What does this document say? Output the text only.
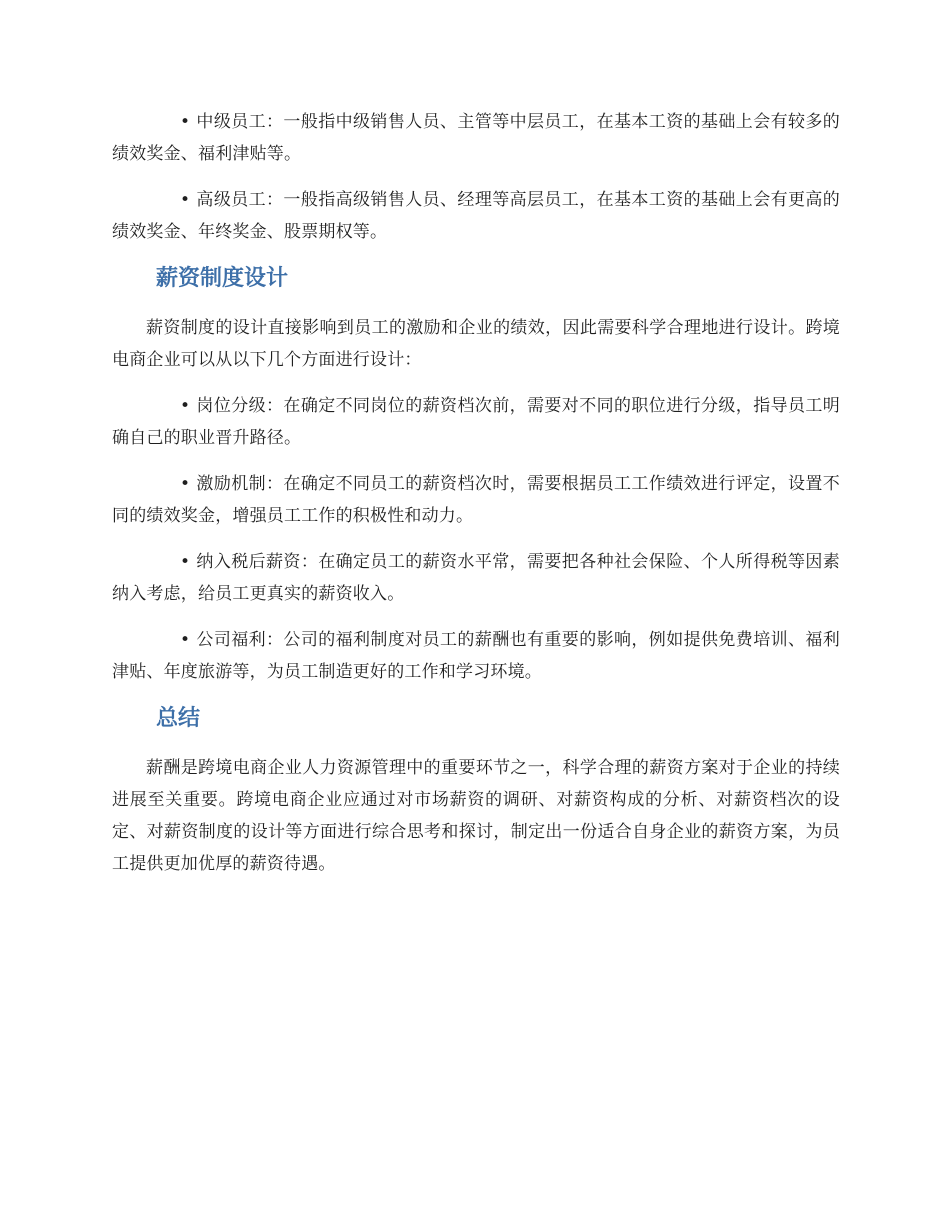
• 中级员工：一般指中级销售人员、主管等中层员工，在基本工资的基础上会有较多的绩效奖金、福利津贴等。

• 高级员工：一般指高级销售人员、经理等高层员工，在基本工资的基础上会有更高的绩效奖金、年终奖金、股票期权等。

薪资制度设计

薪资制度的设计直接影响到员工的激励和企业的绩效，因此需要科学合理地进行设计。跨境电商企业可以从以下几个方面进行设计：

• 岗位分级：在确定不同岗位的薪资档次前，需要对不同的职位进行分级，指导员工明确自己的职业晋升路径。

• 激励机制：在确定不同员工的薪资档次时，需要根据员工工作绩效进行评定，设置不同的绩效奖金，增强员工工作的积极性和动力。

• 纳入税后薪资：在确定员工的薪资水平常，需要把各种社会保险、个人所得税等因素纳入考虑，给员工更真实的薪资收入。

• 公司福利：公司的福利制度对员工的薪酬也有重要的影响，例如提供免费培训、福利津贴、年度旅游等，为员工制造更好的工作和学习环境。

总结

薪酬是跨境电商企业人力资源管理中的重要环节之一，科学合理的薪资方案对于企业的持续进展至关重要。跨境电商企业应通过对市场薪资的调研、对薪资构成的分析、对薪资档次的设定、对薪资制度的设计等方面进行综合思考和探讨，制定出一份适合自身企业的薪资方案，为员工提供更加优厚的薪资待遇。
